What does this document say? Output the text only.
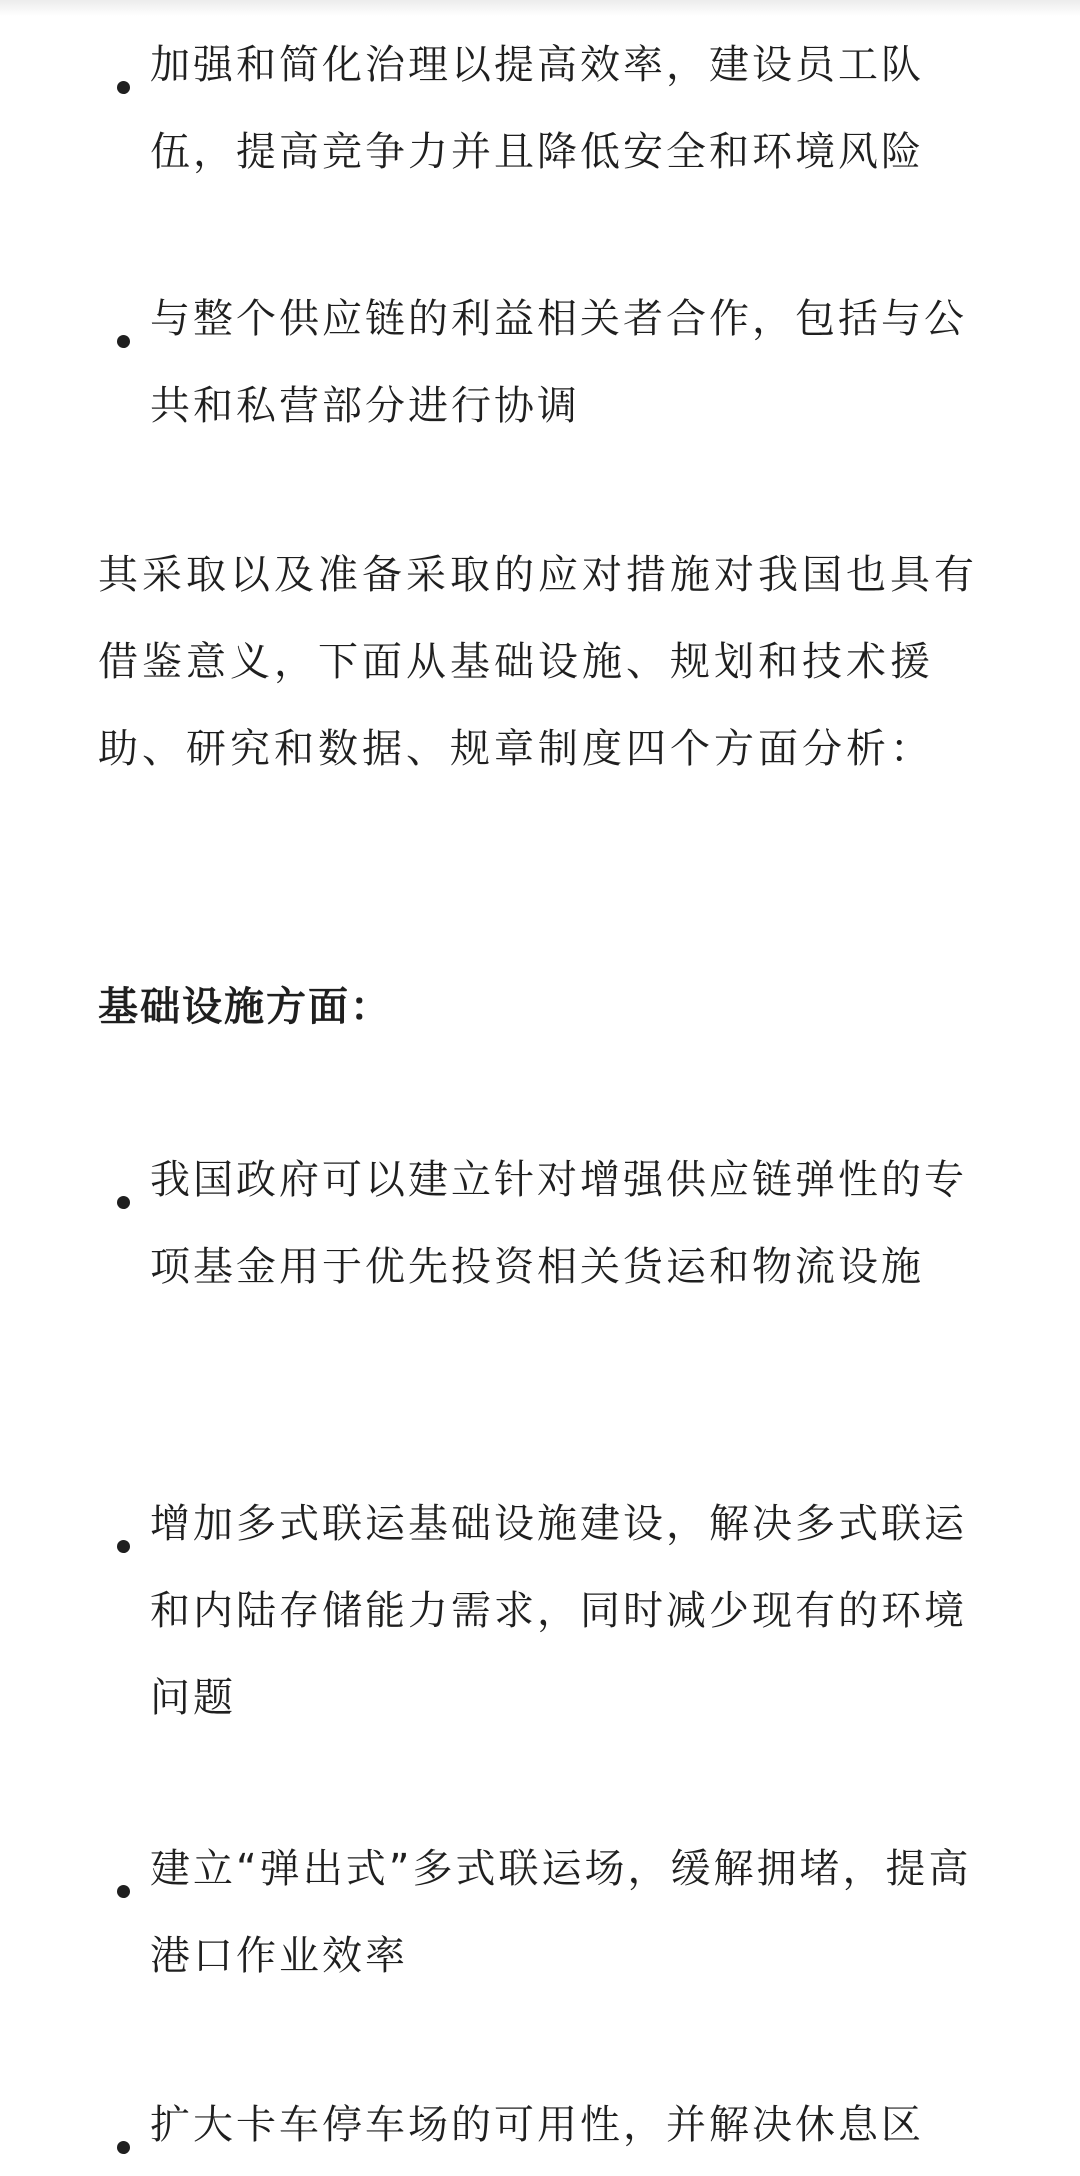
加强和简化治理以提高效率，建设员工队伍，提高竞争力并且降低安全和环境风险
与整个供应链的利益相关者合作，包括与公共和私营部分进行协调
其采取以及准备采取的应对措施对我国也具有借鉴意义，下面从基础设施、规划和技术援助、研究和数据、规章制度四个方面分析：
基础设施方面：
我国政府可以建立针对增强供应链弹性的专项基金用于优先投资相关货运和物流设施
增加多式联运基础设施建设，解决多式联运和内陆存储能力需求，同时减少现有的环境问题
建立“弹出式”多式联运场，缓解拥堵，提高港口作业效率
扩大卡车停车场的可用性，并解决休息区
